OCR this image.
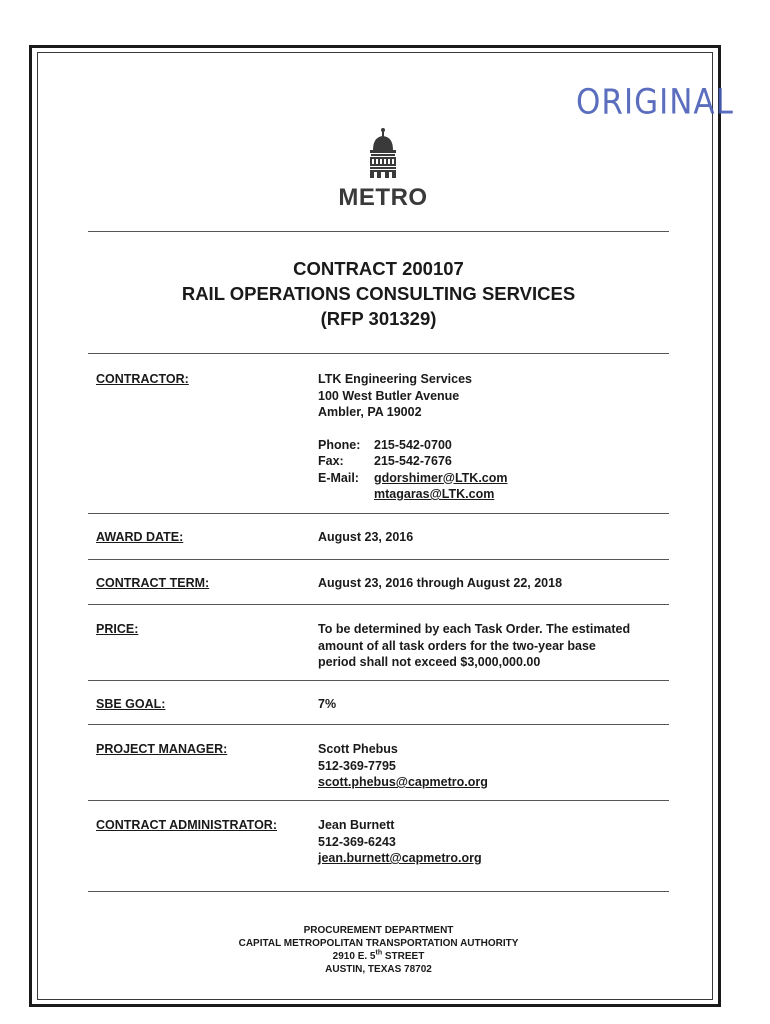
ORIGINAL
METRO
CONTRACT 200107
RAIL OPERATIONS CONSULTING SERVICES
(RFP 301329)
CONTRACTOR:	LTK Engineering Services
100 West Butler Avenue
Ambler, PA 19002
Phone:	215-542-0700
Fax:	215-542-7676
E-Mail:	gdorshimer@LTK.com
mtagaras@LTK.com
AWARD DATE:	August 23, 2016
CONTRACT TERM:	August 23, 2016 through August 22, 2018
PRICE:	To be determined by each Task Order. The estimated
amount of all task orders for the two-year base
period shall not exceed $3,000,000.00
SBE GOAL:	7%
PROJECT MANAGER:	Scott Phebus
512-369-7795
scott.phebus@capmetro.org
CONTRACT ADMINISTRATOR:	Jean Burnett
512-369-6243
jean.burnett@capmetro.org
PROCUREMENT DEPARTMENT
CAPITAL METROPOLITAN TRANSPORTATION AUTHORITY
2910 E. 5th STREET
AUSTIN, TEXAS 78702
